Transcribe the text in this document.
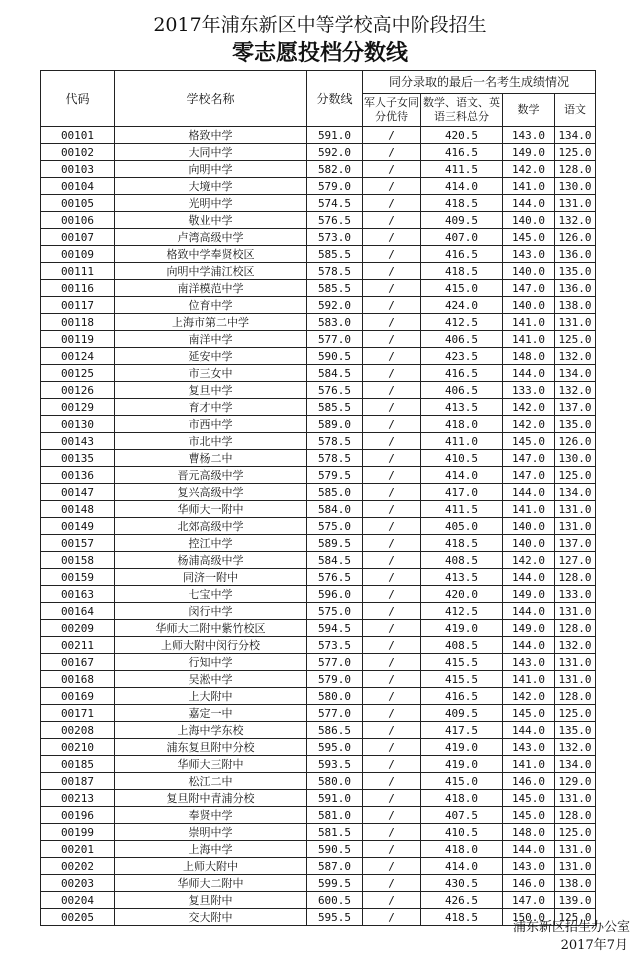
2017年浦东新区中等学校高中阶段招生
零志愿投档分数线
代码	学校名称	分数线	同分录取的最后一名考生成绩情况			
			军人子女同分优待	数学、语文、英语三科总分	数学	语文
00101	格致中学	591.0	/	420.5	143.0	134.0
00102	大同中学	592.0	/	416.5	149.0	125.0
00103	向明中学	582.0	/	411.5	142.0	128.0
00104	大境中学	579.0	/	414.0	141.0	130.0
00105	光明中学	574.5	/	418.5	144.0	131.0
00106	敬业中学	576.5	/	409.5	140.0	132.0
00107	卢湾高级中学	573.0	/	407.0	145.0	126.0
00109	格致中学奉贤校区	585.5	/	416.5	143.0	136.0
00111	向明中学浦江校区	578.5	/	418.5	140.0	135.0
00116	南洋模范中学	585.5	/	415.0	147.0	136.0
00117	位育中学	592.0	/	424.0	140.0	138.0
00118	上海市第二中学	583.0	/	412.5	141.0	131.0
00119	南洋中学	577.0	/	406.5	141.0	125.0
00124	延安中学	590.5	/	423.5	148.0	132.0
00125	市三女中	584.5	/	416.5	144.0	134.0
00126	复旦中学	576.5	/	406.5	133.0	132.0
00129	育才中学	585.5	/	413.5	142.0	137.0
00130	市西中学	589.0	/	418.0	142.0	135.0
00143	市北中学	578.5	/	411.0	145.0	126.0
00135	曹杨二中	578.5	/	410.5	147.0	130.0
00136	晋元高级中学	579.5	/	414.0	147.0	125.0
00147	复兴高级中学	585.0	/	417.0	144.0	134.0
00148	华师大一附中	584.0	/	411.5	141.0	131.0
00149	北郊高级中学	575.0	/	405.0	140.0	131.0
00157	控江中学	589.5	/	418.5	140.0	137.0
00158	杨浦高级中学	584.5	/	408.5	142.0	127.0
00159	同济一附中	576.5	/	413.5	144.0	128.0
00163	七宝中学	596.0	/	420.0	149.0	133.0
00164	闵行中学	575.0	/	412.5	144.0	131.0
00209	华师大二附中紫竹校区	594.5	/	419.0	149.0	128.0
00211	上师大附中闵行分校	573.5	/	408.5	144.0	132.0
00167	行知中学	577.0	/	415.5	143.0	131.0
00168	吴淞中学	579.0	/	415.5	141.0	131.0
00169	上大附中	580.0	/	416.5	142.0	128.0
00171	嘉定一中	577.0	/	409.5	145.0	125.0
00208	上海中学东校	586.5	/	417.5	144.0	135.0
00210	浦东复旦附中分校	595.0	/	419.0	143.0	132.0
00185	华师大三附中	593.5	/	419.0	141.0	134.0
00187	松江二中	580.0	/	415.0	146.0	129.0
00213	复旦附中青浦分校	591.0	/	418.0	145.0	131.0
00196	奉贤中学	581.0	/	407.5	145.0	128.0
00199	崇明中学	581.5	/	410.5	148.0	125.0
00201	上海中学	590.5	/	418.0	144.0	131.0
00202	上师大附中	587.0	/	414.0	143.0	131.0
00203	华师大二附中	599.5	/	430.5	146.0	138.0
00204	复旦附中	600.5	/	426.5	147.0	139.0
00205	交大附中	595.5	/	418.5	150.0	125.0
浦东新区招生办公室
2017年7月
